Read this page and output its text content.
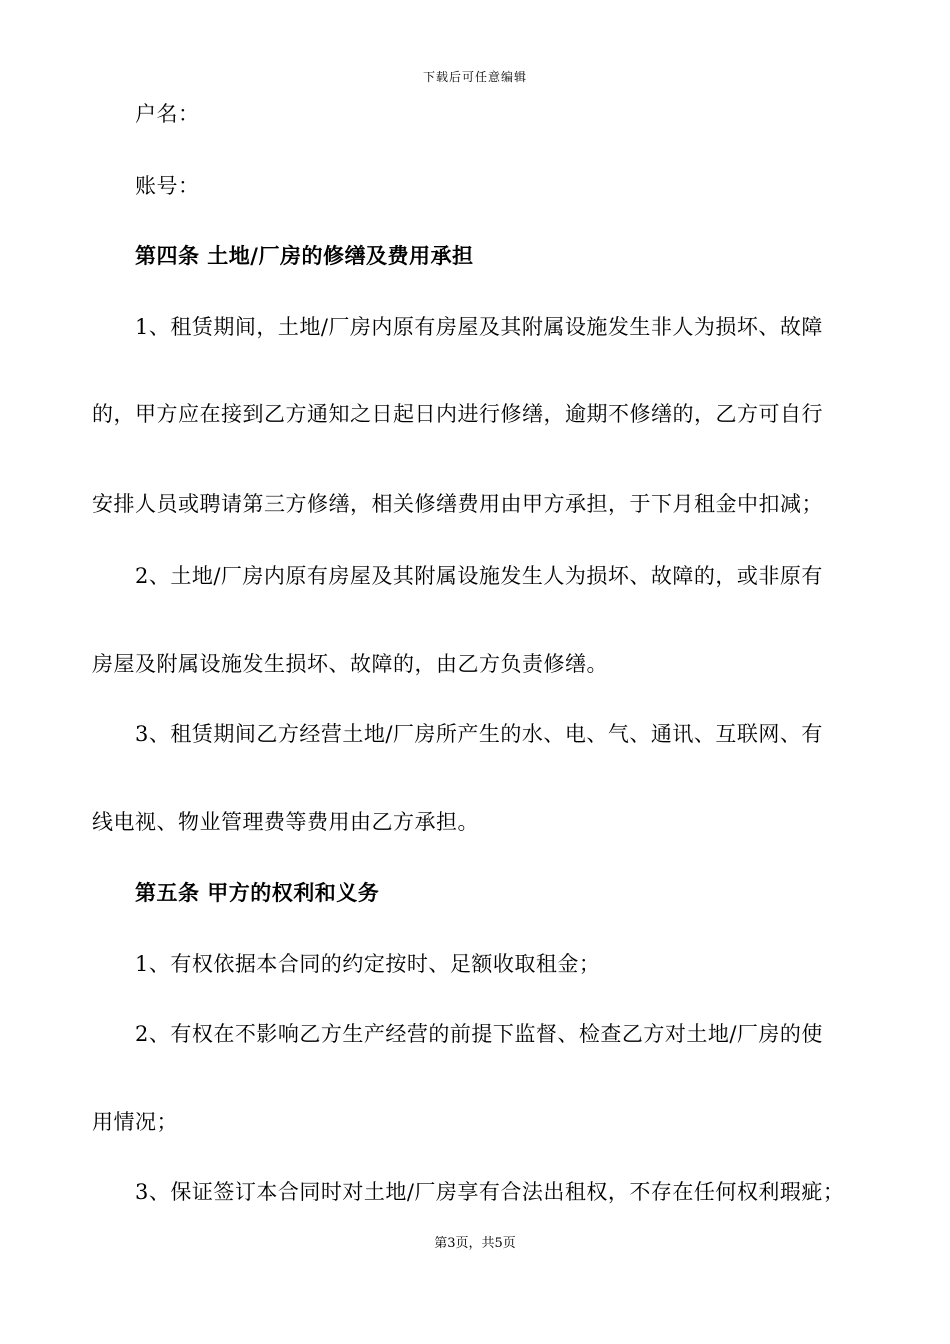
下载后可任意编辑
户名：
账号：
第四条 土地/厂房的修缮及费用承担
1、租赁期间，土地/厂房内原有房屋及其附属设施发生非人为损坏、故障
的，甲方应在接到乙方通知之日起日内进行修缮，逾期不修缮的，乙方可自行
安排人员或聘请第三方修缮，相关修缮费用由甲方承担，于下月租金中扣减；
2、土地/厂房内原有房屋及其附属设施发生人为损坏、故障的，或非原有
房屋及附属设施发生损坏、故障的，由乙方负责修缮。
3、租赁期间乙方经营土地/厂房所产生的水、电、气、通讯、互联网、有
线电视、物业管理费等费用由乙方承担。
第五条 甲方的权利和义务
1、有权依据本合同的约定按时、足额收取租金；
2、有权在不影响乙方生产经营的前提下监督、检查乙方对土地/厂房的使
用情况；
3、保证签订本合同时对土地/厂房享有合法出租权，不存在任何权利瑕疵；
第3页，共5页
